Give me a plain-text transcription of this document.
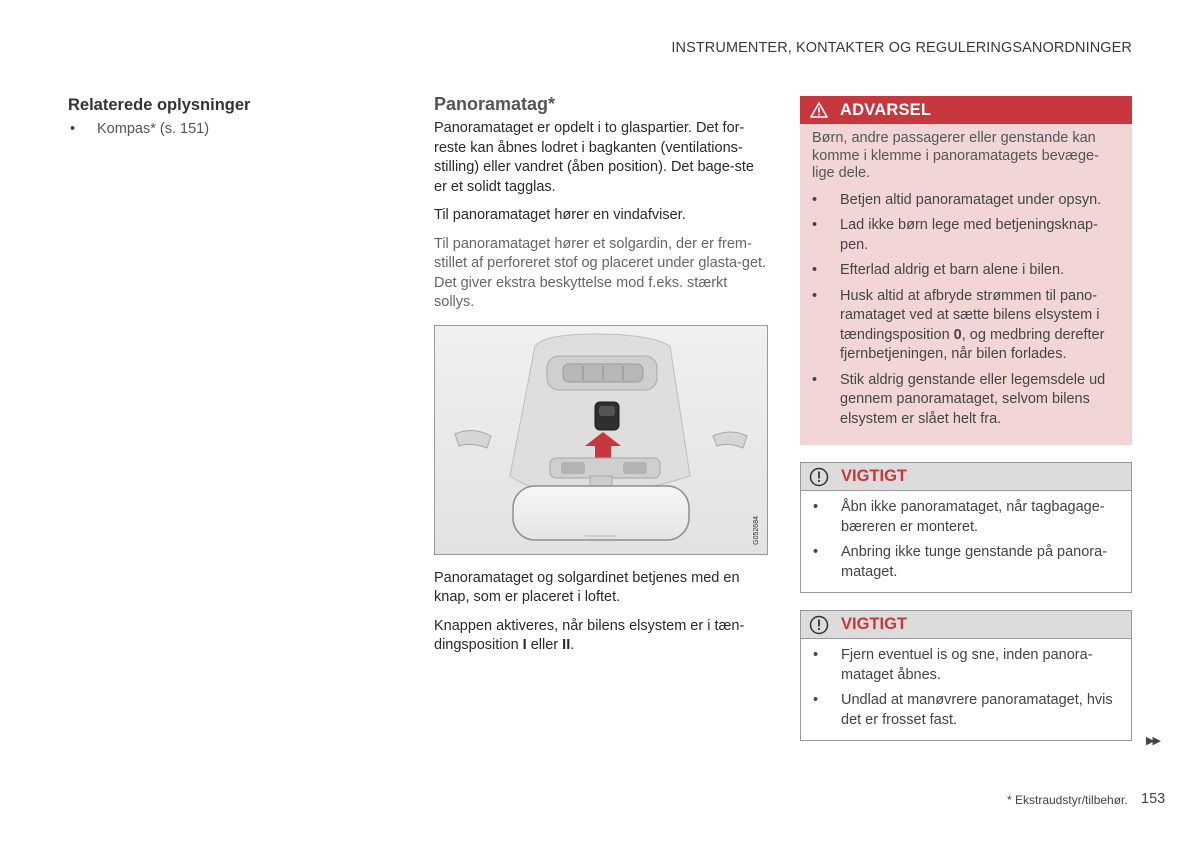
INSTRUMENTER, KONTAKTER OG REGULERINGSANORDNINGER
Relaterede oplysninger
• Kompas* (s. 151)
Panoramatag*

Panoramataget er opdelt i to glaspartier. Det for-reste kan åbnes lodret i bagkanten (ventilations-stilling) eller vandret (åben position). Det bage-ste er et solidt tagglas.

Til panoramataget hører en vindafviser.

Til panoramataget hører et solgardin, der er frem-stillet af perforeret stof og placeret under glasta-get. Det giver ekstra beskyttelse mod f.eks. stærkt sollys.

G052684

Panoramataget og solgardinet betjenes med en knap, som er placeret i loftet.

Knappen aktiveres, når bilens elsystem er i tæn-dingsposition I eller II.

ADVARSEL

Børn, andre passagerer eller genstande kan komme i klemme i panoramatagets bevæge-lige dele.

• Betjen altid panoramataget under opsyn.
• Lad ikke børn lege med betjeningsknap-pen.
• Efterlad aldrig et barn alene i bilen.
• Husk altid at afbryde strømmen til pano-ramataget ved at sætte bilens elsystem i tændingsposition 0, og medbring derefter fjernbetjeningen, når bilen forlades.
• Stik aldrig genstande eller legemsdele ud gennem panoramataget, selvom bilens elsystem er slået helt fra.
VIGTIGT
• Åbn ikke panoramataget, når tagbagage-bæreren er monteret.
• Anbring ikke tunge genstande på panora-mataget.
VIGTIGT
• Fjern eventuel is og sne, inden panora-mataget åbnes.
• Undlad at manøvrere panoramataget, hvis det er frosset fast.
▶▶
* Ekstraudstyr/tilbehør. 153
